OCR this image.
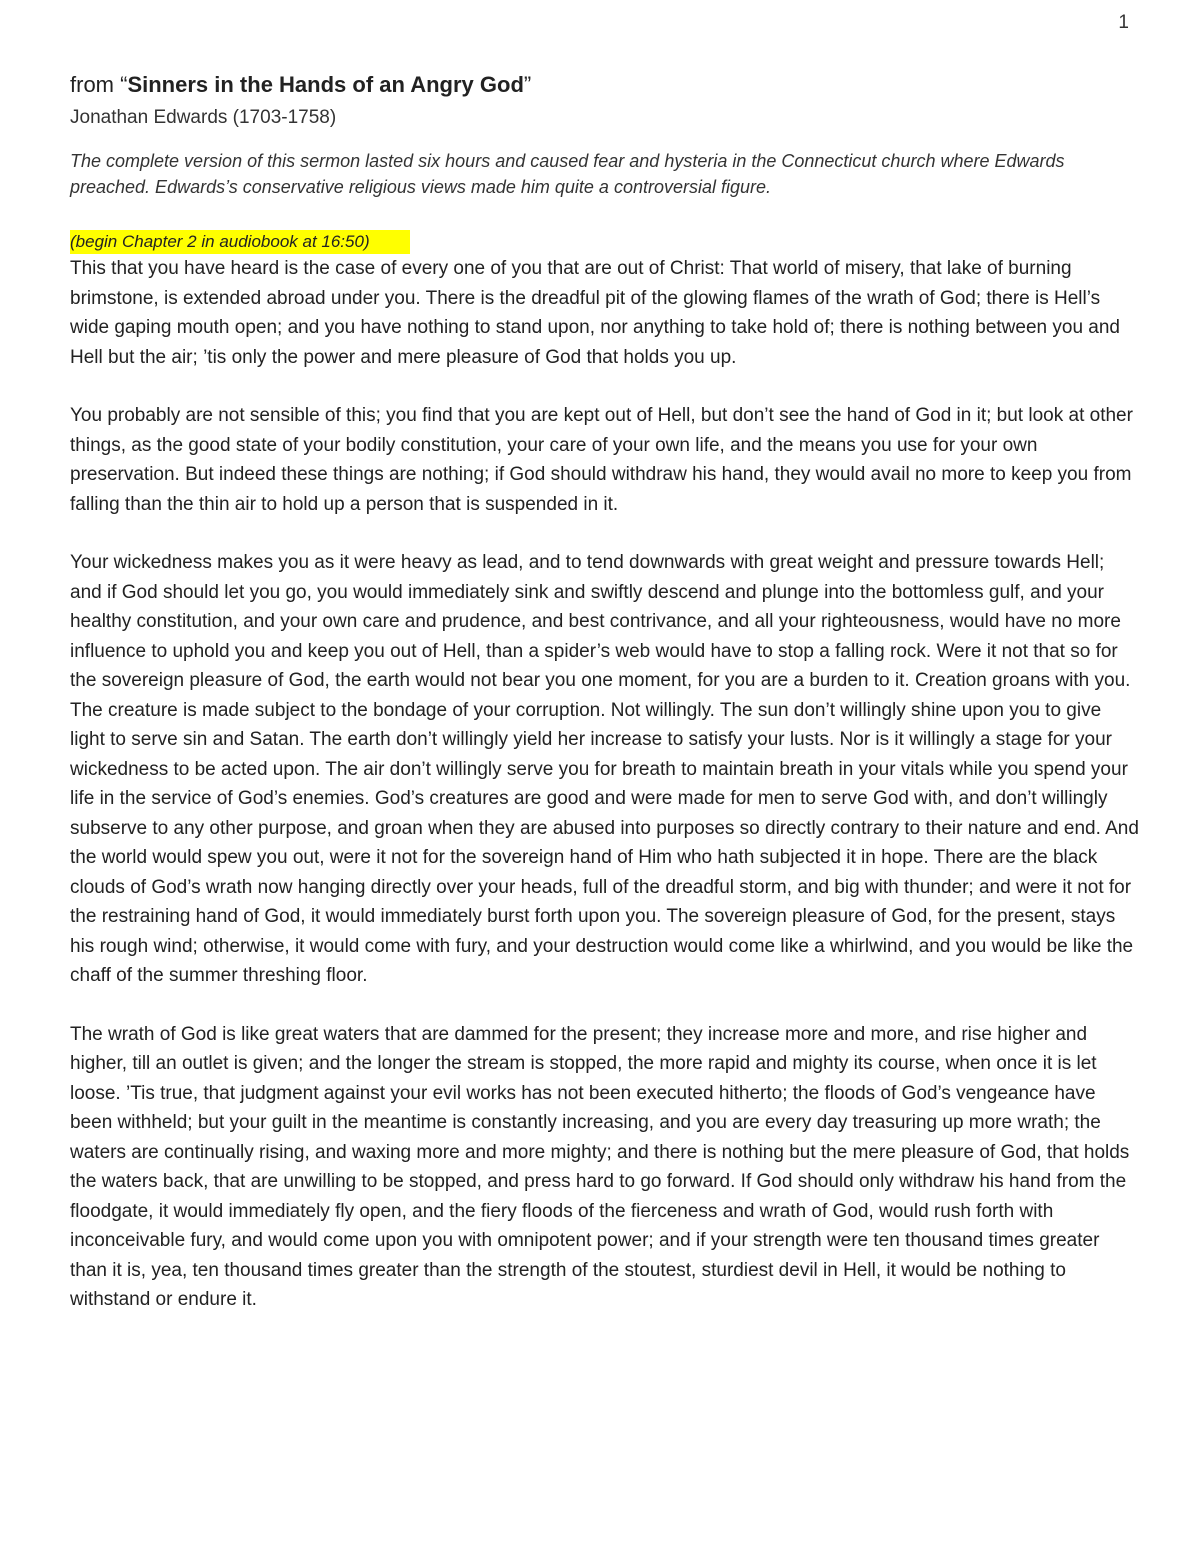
1
from “Sinners in the Hands of an Angry God”

Jonathan Edwards (1703-1758)

The complete version of this sermon lasted six hours and caused fear and hysteria in the Connecticut church where Edwards preached. Edwards’s conservative religious views made him quite a controversial figure.

(begin Chapter 2 in audiobook at 16:50)

This that you have heard is the case of every one of you that are out of Christ: That world of misery, that lake of burning brimstone, is extended abroad under you. There is the dreadful pit of the glowing flames of the wrath of God; there is Hell’s wide gaping mouth open; and you have nothing to stand upon, nor anything to take hold of; there is nothing between you and Hell but the air; ’tis only the power and mere pleasure of God that holds you up.

You probably are not sensible of this; you find that you are kept out of Hell, but don’t see the hand of God in it; but look at other things, as the good state of your bodily constitution, your care of your own life, and the means you use for your own preservation. But indeed these things are nothing; if God should withdraw his hand, they would avail no more to keep you from falling than the thin air to hold up a person that is suspended in it.

Your wickedness makes you as it were heavy as lead, and to tend downwards with great weight and pressure towards Hell; and if God should let you go, you would immediately sink and swiftly descend and plunge into the bottomless gulf, and your healthy constitution, and your own care and prudence, and best contrivance, and all your righteousness, would have no more influence to uphold you and keep you out of Hell, than a spider’s web would have to stop a falling rock. Were it not that so for the sovereign pleasure of God, the earth would not bear you one moment, for you are a burden to it. Creation groans with you. The creature is made subject to the bondage of your corruption. Not willingly. The sun don’t willingly shine upon you to give light to serve sin and Satan. The earth don’t willingly yield her increase to satisfy your lusts. Nor is it willingly a stage for your wickedness to be acted upon. The air don’t willingly serve you for breath to maintain breath in your vitals while you spend your life in the service of God’s enemies. God’s creatures are good and were made for men to serve God with, and don’t willingly subserve to any other purpose, and groan when they are abused into purposes so directly contrary to their nature and end. And the world would spew you out, were it not for the sovereign hand of Him who hath subjected it in hope. There are the black clouds of God’s wrath now hanging directly over your heads, full of the dreadful storm, and big with thunder; and were it not for the restraining hand of God, it would immediately burst forth upon you. The sovereign pleasure of God, for the present, stays his rough wind; otherwise, it would come with fury, and your destruction would come like a whirlwind, and you would be like the chaff of the summer threshing floor.

The wrath of God is like great waters that are dammed for the present; they increase more and more, and rise higher and higher, till an outlet is given; and the longer the stream is stopped, the more rapid and mighty its course, when once it is let loose. ’Tis true, that judgment against your evil works has not been executed hitherto; the floods of God’s vengeance have been withheld; but your guilt in the meantime is constantly increasing, and you are every day treasuring up more wrath; the waters are continually rising, and waxing more and more mighty; and there is nothing but the mere pleasure of God, that holds the waters back, that are unwilling to be stopped, and press hard to go forward. If God should only withdraw his hand from the floodgate, it would immediately fly open, and the fiery floods of the fierceness and wrath of God, would rush forth with inconceivable fury, and would come upon you with omnipotent power; and if your strength were ten thousand times greater than it is, yea, ten thousand times greater than the strength of the stoutest, sturdiest devil in Hell, it would be nothing to withstand or endure it.
